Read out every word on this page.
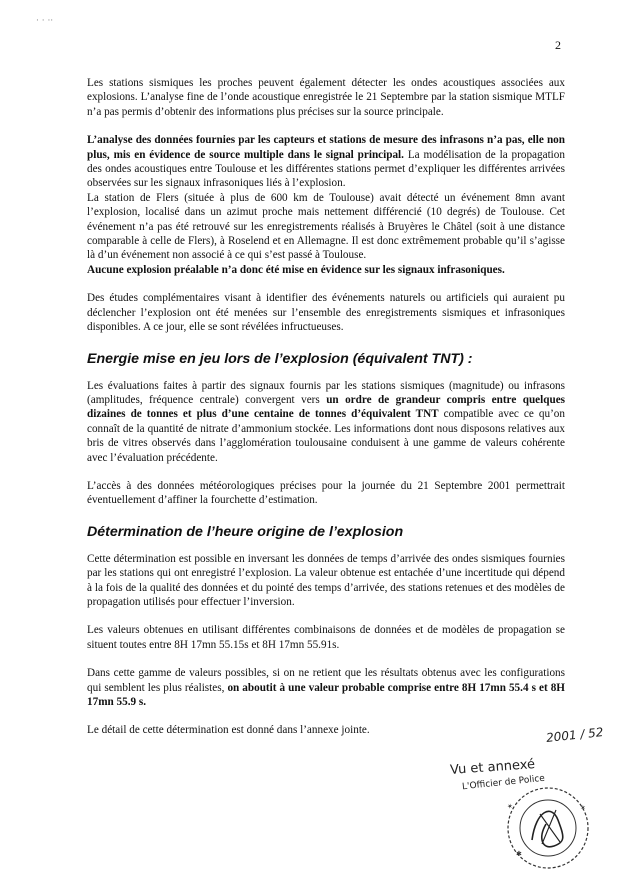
· · ··
2

Les stations sismiques les proches peuvent également détecter les ondes acoustiques associées aux explosions. L’analyse fine de l’onde acoustique enregistrée le 21 Septembre par la station sismique MTLF n’a pas permis d’obtenir des informations plus précises sur la source principale.

L’analyse des données fournies par les capteurs et stations de mesure des infrasons n’a pas, elle non plus, mis en évidence de source multiple dans le signal principal. La modélisation de la propagation des ondes acoustiques entre Toulouse et les différentes stations permet d’expliquer les différentes arrivées observées sur les signaux infrasoniques liés à l’explosion.

La station de Flers (située à plus de 600 km de Toulouse) avait détecté un événement 8mn avant l’explosion, localisé dans un azimut proche mais nettement différencié (10 degrés) de Toulouse. Cet événement n’a pas été retrouvé sur les enregistrements réalisés à Bruyères le Châtel (soit à une distance comparable à celle de Flers), à Roselend et en Allemagne. Il est donc extrêmement probable qu’il s’agisse là d’un événement non associé à ce qui s’est passé à Toulouse.

Aucune explosion préalable n’a donc été mise en évidence sur les signaux infrasoniques.

Des études complémentaires visant à identifier des événements naturels ou artificiels qui auraient pu déclencher l’explosion ont été menées sur l’ensemble des enregistrements sismiques et infrasoniques disponibles. A ce jour, elle se sont révélées infructueuses.

Energie mise en jeu lors de l’explosion (équivalent TNT) :

Les évaluations faites à partir des signaux fournis par les stations sismiques (magnitude) ou infrasons (amplitudes, fréquence centrale) convergent vers un ordre de grandeur compris entre quelques dizaines de tonnes et plus d’une centaine de tonnes d’équivalent TNT compatible avec ce qu’on connaît de la quantité de nitrate d’ammonium stockée. Les informations dont nous disposons relatives aux bris de vitres observés dans l’agglomération toulousaine conduisent à une gamme de valeurs cohérente avec l’évaluation précédente.

L’accès à des données météorologiques précises pour la journée du 21 Septembre 2001 permettrait éventuellement d’affiner la fourchette d’estimation.

Détermination de l’heure origine de l’explosion

Cette détermination est possible en inversant les données de temps d’arrivée des ondes sismiques fournies par les stations qui ont enregistré l’explosion. La valeur obtenue est entachée d’une incertitude qui dépend à la fois de la qualité des données et du pointé des temps d’arrivée, des stations retenues et des modèles de propagation utilisés pour effectuer l’inversion.

Les valeurs obtenues en utilisant différentes combinaisons de données et de modèles de propagation se situent toutes entre 8H 17mn 55.15s et 8H 17mn 55.91s.

Dans cette gamme de valeurs possibles, si on ne retient que les résultats obtenus avec les configurations qui semblent les plus réalistes, on aboutit à une valeur probable comprise entre 8H 17mn 55.4 s et 8H 17mn 55.9 s.

Le détail de cette détermination est donné dans l’annexe jointe.	2001 / 52
Vu et annexé
L'Officier de Police
✶	✶
✱
